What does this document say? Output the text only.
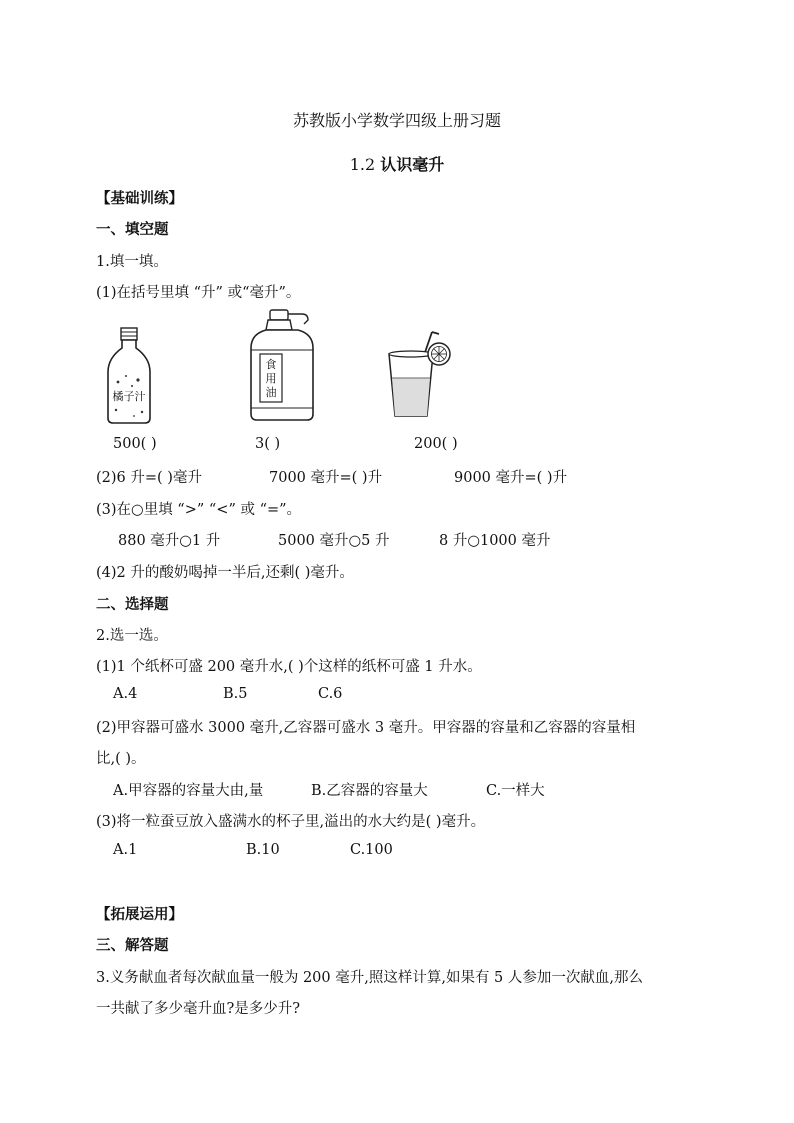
苏教版小学数学四级上册习题
1.2 认识毫升
【基础训练】
一、填空题
1.填一填。
(1)在括号里填 “升” 或“毫升”。
橘子汁
食
用
油
500( )	3( )	200( )
(2)6 升=( )毫升	7000 毫升=( )升	9000 毫升=( )升
(3)在○里填 “>” “<” 或 “=”。
880 毫升○1 升	5000 毫升○5 升	8 升○1000 毫升
(4)2 升的酸奶喝掉一半后,还剩( )毫升。
二、选择题
2.选一选。
(1)1 个纸杯可盛 200 毫升水,( )个这样的纸杯可盛 1 升水。
A.4	B.5	C.6
(2)甲容器可盛水 3000 毫升,乙容器可盛水 3 毫升。甲容器的容量和乙容器的容量相
比,( )。
A.甲容器的容量大由,量	B.乙容器的容量大	C.一样大
(3)将一粒蚕豆放入盛满水的杯子里,溢出的水大约是( )毫升。
A.1	B.10	C.100
【拓展运用】
三、解答题
3.义务献血者每次献血量一般为 200 毫升,照这样计算,如果有 5 人参加一次献血,那么
一共献了多少毫升血?是多少升?
